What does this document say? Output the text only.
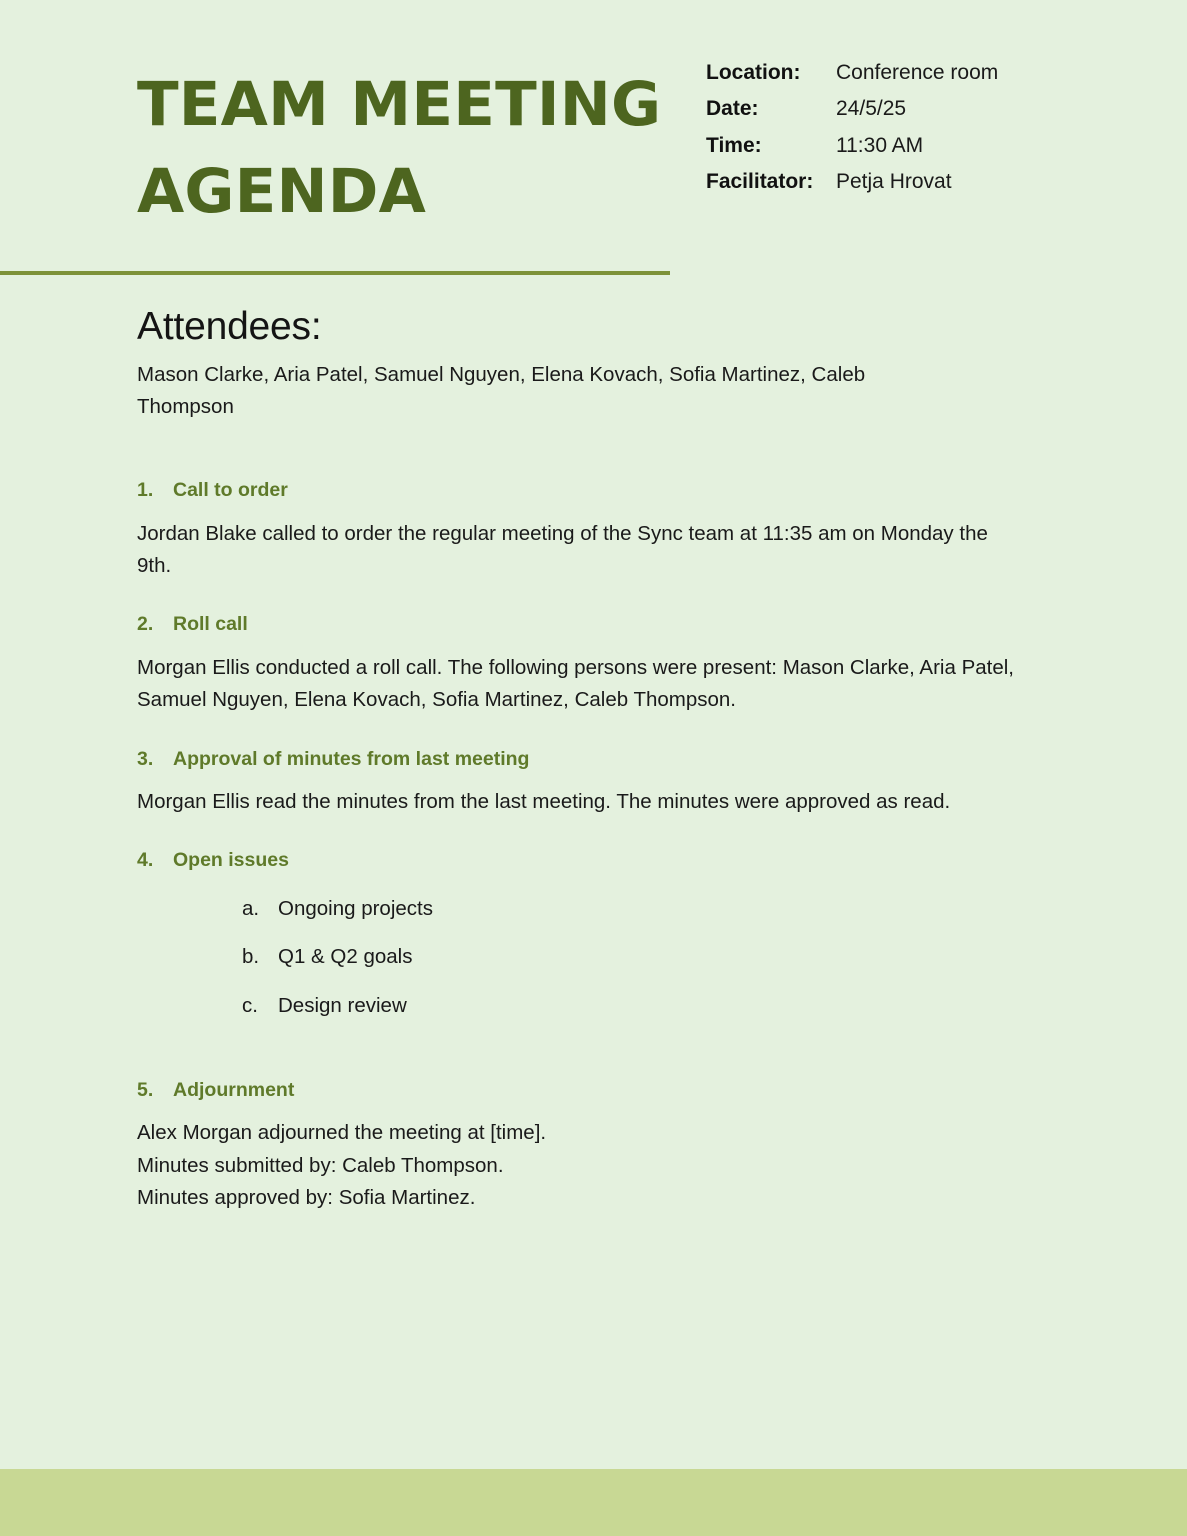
TEAM MEETING AGENDA
Location:	Conference room
Date:	24/5/25
Time:	11:30 AM
Facilitator:	Petja Hrovat
Attendees:

Mason Clarke, Aria Patel, Samuel Nguyen, Elena Kovach, Sofia Martinez, Caleb Thompson

1.	Call to order

Jordan Blake called to order the regular meeting of the Sync team at 11:35 am on Monday the 9th.

2.	Roll call

Morgan Ellis conducted a roll call. The following persons were present: Mason Clarke, Aria Patel, Samuel Nguyen, Elena Kovach, Sofia Martinez, Caleb Thompson.

3.	Approval of minutes from last meeting

Morgan Ellis read the minutes from the last meeting. The minutes were approved as read.

4.	Open issues
a. Ongoing projects
b. Q1 & Q2 goals
c. Design review
5.	Adjournment

Alex Morgan adjourned the meeting at [time].

Minutes submitted by: Caleb Thompson.

Minutes approved by: Sofia Martinez.
